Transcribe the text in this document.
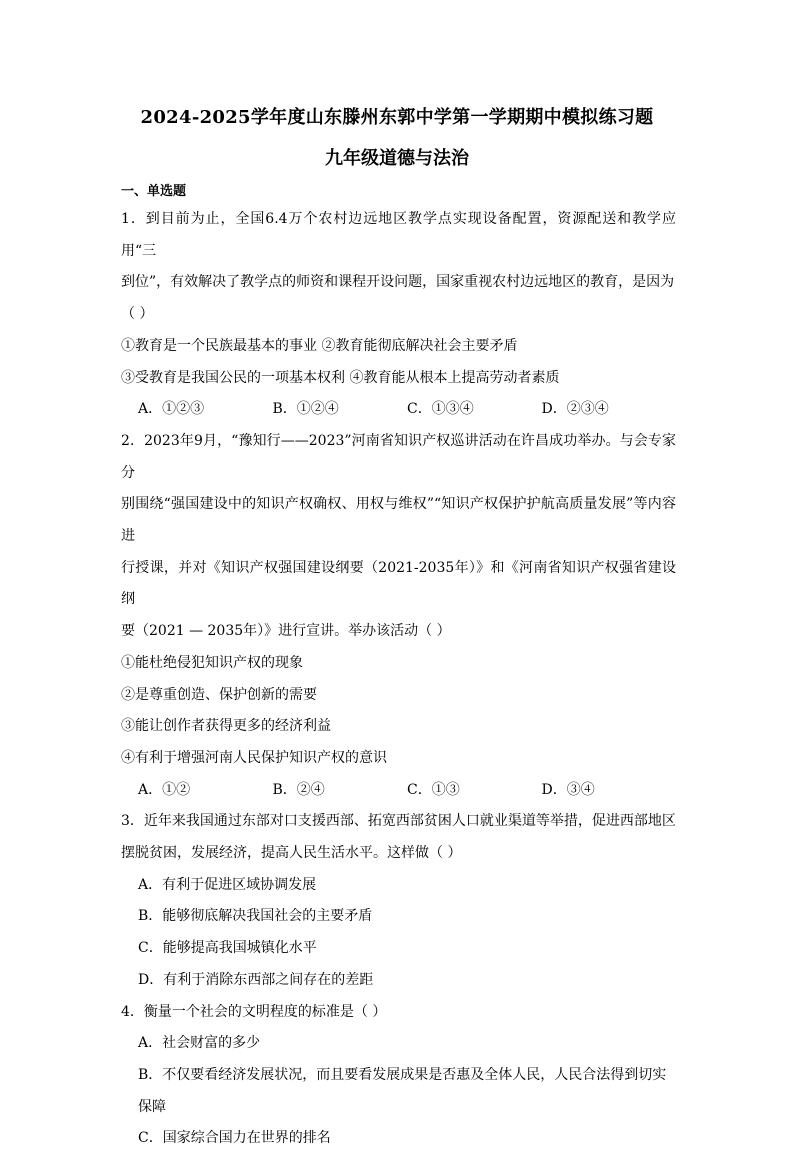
2024-2025学年度山东滕州东郭中学第一学期期中模拟练习题
九年级道德与法治
一、单选题

1．到目前为止，全国6.4万个农村边远地区教学点实现设备配置，资源配送和教学应用“三

到位”，有效解决了教学点的师资和课程开设问题，国家重视农村边远地区的教育，是因为

（ ）

①教育是一个民族最基本的事业 ②教育能彻底解决社会主要矛盾

③受教育是我国公民的一项基本权利 ④教育能从根本上提高劳动者素质

A．①②③	B．①②④	C．①③④	D．②③④

2．2023年9月，“豫知行——2023”河南省知识产权巡讲活动在许昌成功举办。与会专家分

别围绕“强国建设中的知识产权确权、用权与维权”“知识产权保护护航高质量发展”等内容进

行授课，并对《知识产权强国建设纲要（2021-2035年）》和《河南省知识产权强省建设纲

要（2021 — 2035年）》进行宣讲。举办该活动（ ）

①能杜绝侵犯知识产权的现象

②是尊重创造、保护创新的需要

③能让创作者获得更多的经济利益

④有利于增强河南人民保护知识产权的意识

A．①②	B．②④	C．①③	D．③④

3．近年来我国通过东部对口支援西部、拓宽西部贫困人口就业渠道等举措，促进西部地区

摆脱贫困，发展经济，提高人民生活水平。这样做（ ）

A．有利于促进区域协调发展

B．能够彻底解决我国社会的主要矛盾

C．能够提高我国城镇化水平

D．有利于消除东西部之间存在的差距

4．衡量一个社会的文明程度的标准是（ ）

A．社会财富的多少

B．不仅要看经济发展状况，而且要看发展成果是否惠及全体人民，人民合法得到切实

保障

C．国家综合国力在世界的排名
